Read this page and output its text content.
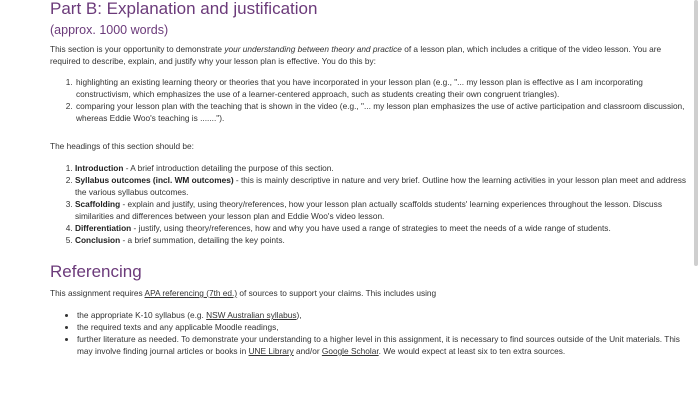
Part B: Explanation and justification
(approx. 1000 words)

This section is your opportunity to demonstrate your understanding between theory and practice of a lesson plan, which includes a critique of the video lesson. You are required to describe, explain, and justify why your lesson plan is effective. You do this by:

1. highlighting an existing learning theory or theories that you have incorporated in your lesson plan (e.g., "... my lesson plan is effective as I am incorporating constructivism, which emphasizes the use of a learner-centered approach, such as students creating their own congruent triangles).
2. comparing your lesson plan with the teaching that is shown in the video (e.g., "... my lesson plan emphasizes the use of active participation and classroom discussion, whereas Eddie Woo's teaching is .......").

The headings of this section should be:

1. Introduction - A brief introduction detailing the purpose of this section.
2. Syllabus outcomes (incl. WM outcomes) - this is mainly descriptive in nature and very brief. Outline how the learning activities in your lesson plan meet and address the various syllabus outcomes.
3. Scaffolding - explain and justify, using theory/references, how your lesson plan actually scaffolds students' learning experiences throughout the lesson. Discuss similarities and differences between your lesson plan and Eddie Woo's video lesson.
4. Differentiation - justify, using theory/references, how and why you have used a range of strategies to meet the needs of a wide range of students.
5. Conclusion - a brief summation, detailing the key points.
Referencing

This assignment requires APA referencing (7th ed.) of sources to support your claims. This includes using

• the appropriate K-10 syllabus (e.g. NSW Australian syllabus),
• the required texts and any applicable Moodle readings,
• further literature as needed. To demonstrate your understanding to a higher level in this assignment, it is necessary to find sources outside of the Unit materials. This may involve finding journal articles or books in UNE Library and/or Google Scholar. We would expect at least six to ten extra sources.
